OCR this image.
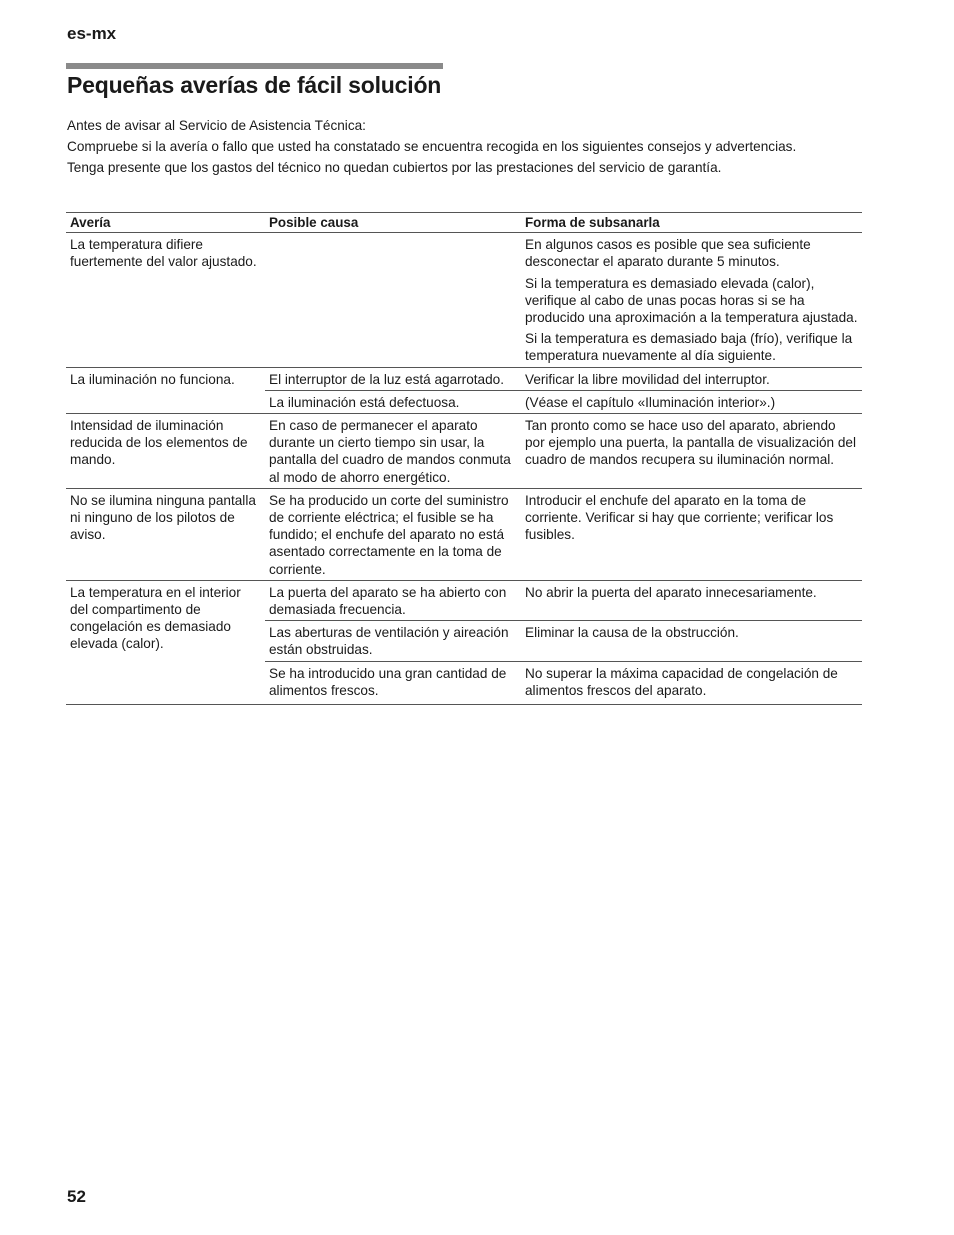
es-mx
Pequeñas averías de fácil solución

Antes de avisar al Servicio de Asistencia Técnica:

Compruebe si la avería o fallo que usted ha constatado se encuentra recogida en los siguientes consejos y advertencias.

Tenga presente que los gastos del técnico no quedan cubiertos por las prestaciones del servicio de garantía.

Avería	Posible causa	Forma de subsanarla
La temperatura difiere fuertemente del valor ajustado.		En algunos casos es posible que sea suficiente desconectar el aparato durante 5 minutos.

Si la temperatura es demasiado elevada (calor), verifique al cabo de unas pocas horas si se ha producido una aproximación a la temperatura ajustada.

Si la temperatura es demasiado baja (frío), verifique la temperatura nuevamente al día siguiente.

La iluminación no funciona.	El interruptor de la luz está agarrotado.	Verificar la libre movilidad del interruptor.
	La iluminación está defectuosa.	(Véase el capítulo «Iluminación interior».)
Intensidad de iluminación reducida de los elementos de mando.	En caso de permanecer el aparato durante un cierto tiempo sin usar, la pantalla del cuadro de mandos conmuta al modo de ahorro energético.	Tan pronto como se hace uso del aparato, abriendo por ejemplo una puerta, la pantalla de visualización del cuadro de mandos recupera su iluminación normal.
No se ilumina ninguna pantalla ni ninguno de los pilotos de aviso.	Se ha producido un corte del suministro de corriente eléctrica; el fusible se ha fundido; el enchufe del aparato no está asentado correctamente en la toma de corriente.	Introducir el enchufe del aparato en la toma de corriente. Verificar si hay que corriente; verificar los fusibles.
La temperatura en el interior del compartimento de congelación es demasiado elevada (calor).	La puerta del aparato se ha abierto con demasiada frecuencia.	No abrir la puerta del aparato innecesariamente.
	Las aberturas de ventilación y aireación están obstruidas.	Eliminar la causa de la obstrucción.
	Se ha introducido una gran cantidad de alimentos frescos.	No superar la máxima capacidad de congelación de alimentos frescos del aparato.
52
